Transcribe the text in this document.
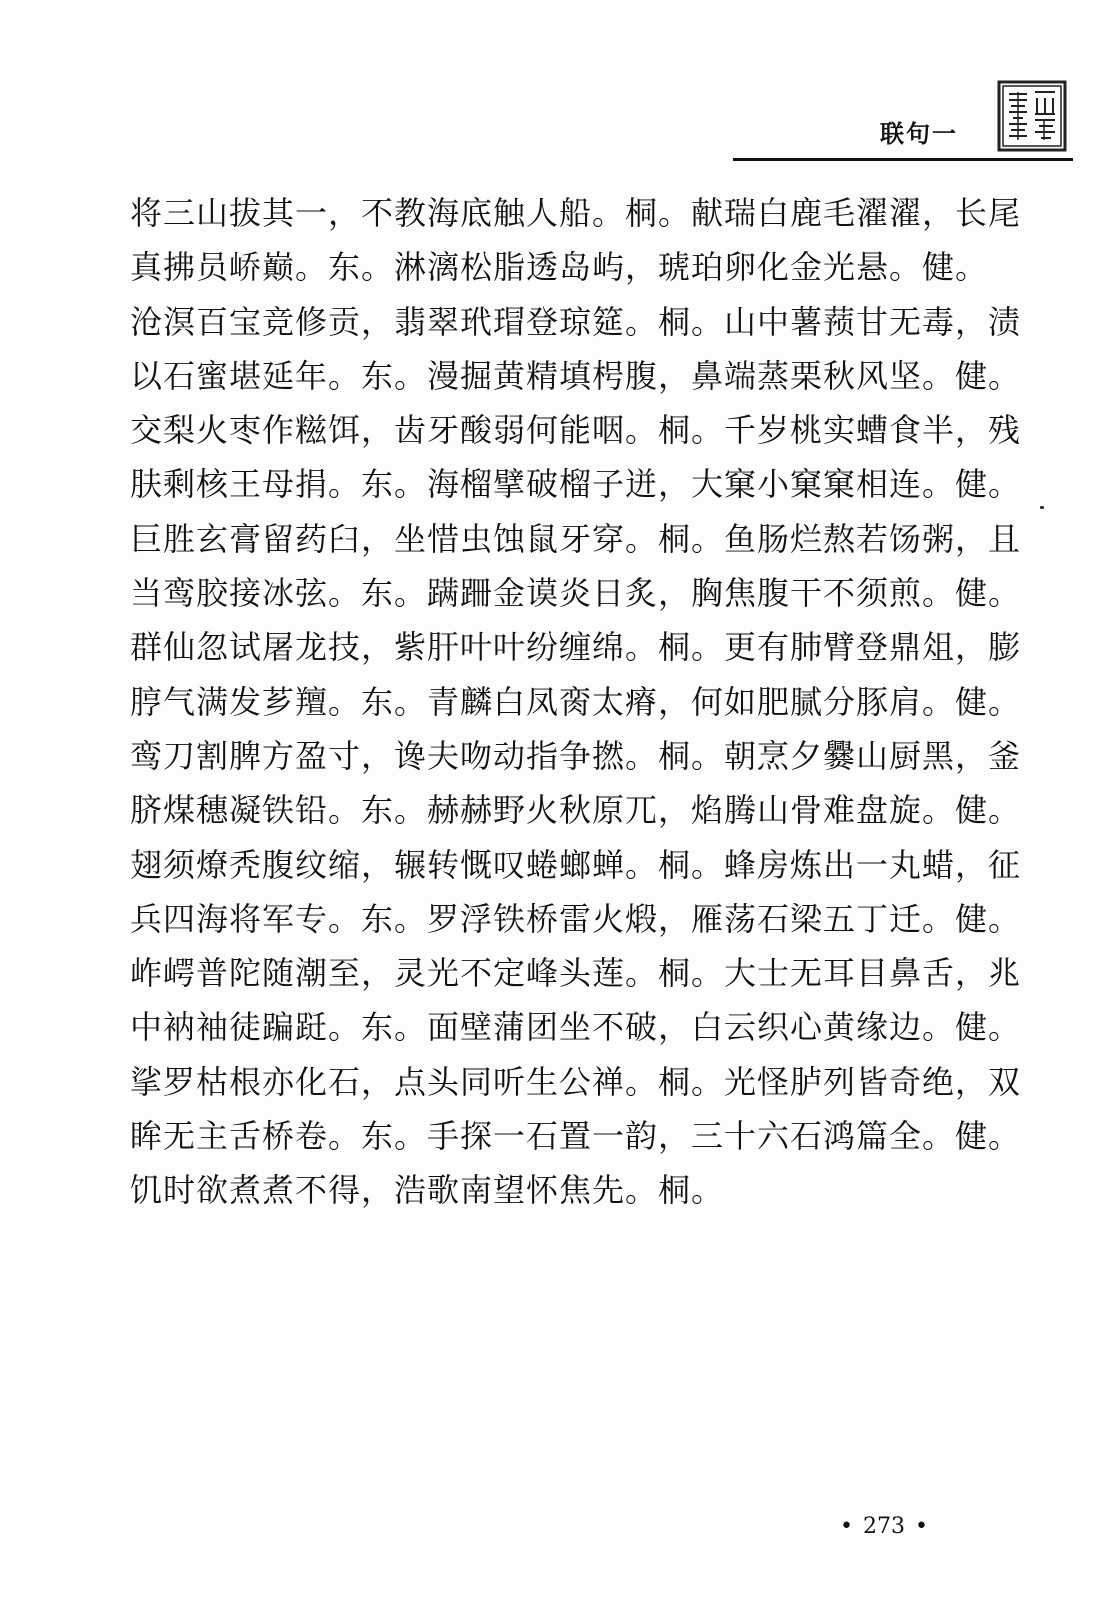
联句一
将三山拔其一，不教海底触人船。桐。献瑞白鹿毛濯濯，长尾
真拂员峤巅。东。淋漓松脂透岛屿，琥珀卵化金光悬。健。
沧溟百宝竞修贡，翡翠玳瑁登琼筵。桐。山中薯蓣甘无毒，渍
以石蜜堪延年。东。漫掘黄精填枵腹，鼻端蒸栗秋风坚。健。
交梨火枣作糍饵，齿牙酸弱何能咽。桐。千岁桃实螬食半，残
肤剩核王母捐。东。海榴擘破榴子迸，大窠小窠窠相连。健。
巨胜玄膏留药臼，坐惜虫蚀鼠牙穿。桐。鱼肠烂熬若饧粥，且
当鸾胶接冰弦。东。蹒跚金谟炎日炙，胸焦腹干不须煎。健。
群仙忽试屠龙技，紫肝叶叶纷缠绵。桐。更有肺臂登鼎俎，膨
脝气满发芗羶。东。青麟白凤脔太瘠，何如肥腻分豚肩。健。
鸾刀割脾方盈寸，谗夫吻动指争撚。桐。朝烹夕爨山厨黑，釜
脐煤穗凝铁铅。东。赫赫野火秋原兀，焰腾山骨难盘旋。健。
翅须燎秃腹纹缩，辗转慨叹蜷螂蝉。桐。蜂房炼出一丸蜡，征
兵四海将军专。东。罗浮铁桥雷火煅，雁荡石梁五丁迁。健。
岞崿普陀随潮至，灵光不定峰头莲。桐。大士无耳目鼻舌，兆
中衲袖徒蹁跹。东。面壁蒲团坐不破，白云织心黄缘边。健。
挲罗枯根亦化石，点头同听生公禅。桐。光怪胪列皆奇绝，双
眸无主舌桥卷。东。手探一石置一韵，三十六石鸿篇全。健。
饥时欲煮煮不得，浩歌南望怀焦先。桐。
• 273 •
